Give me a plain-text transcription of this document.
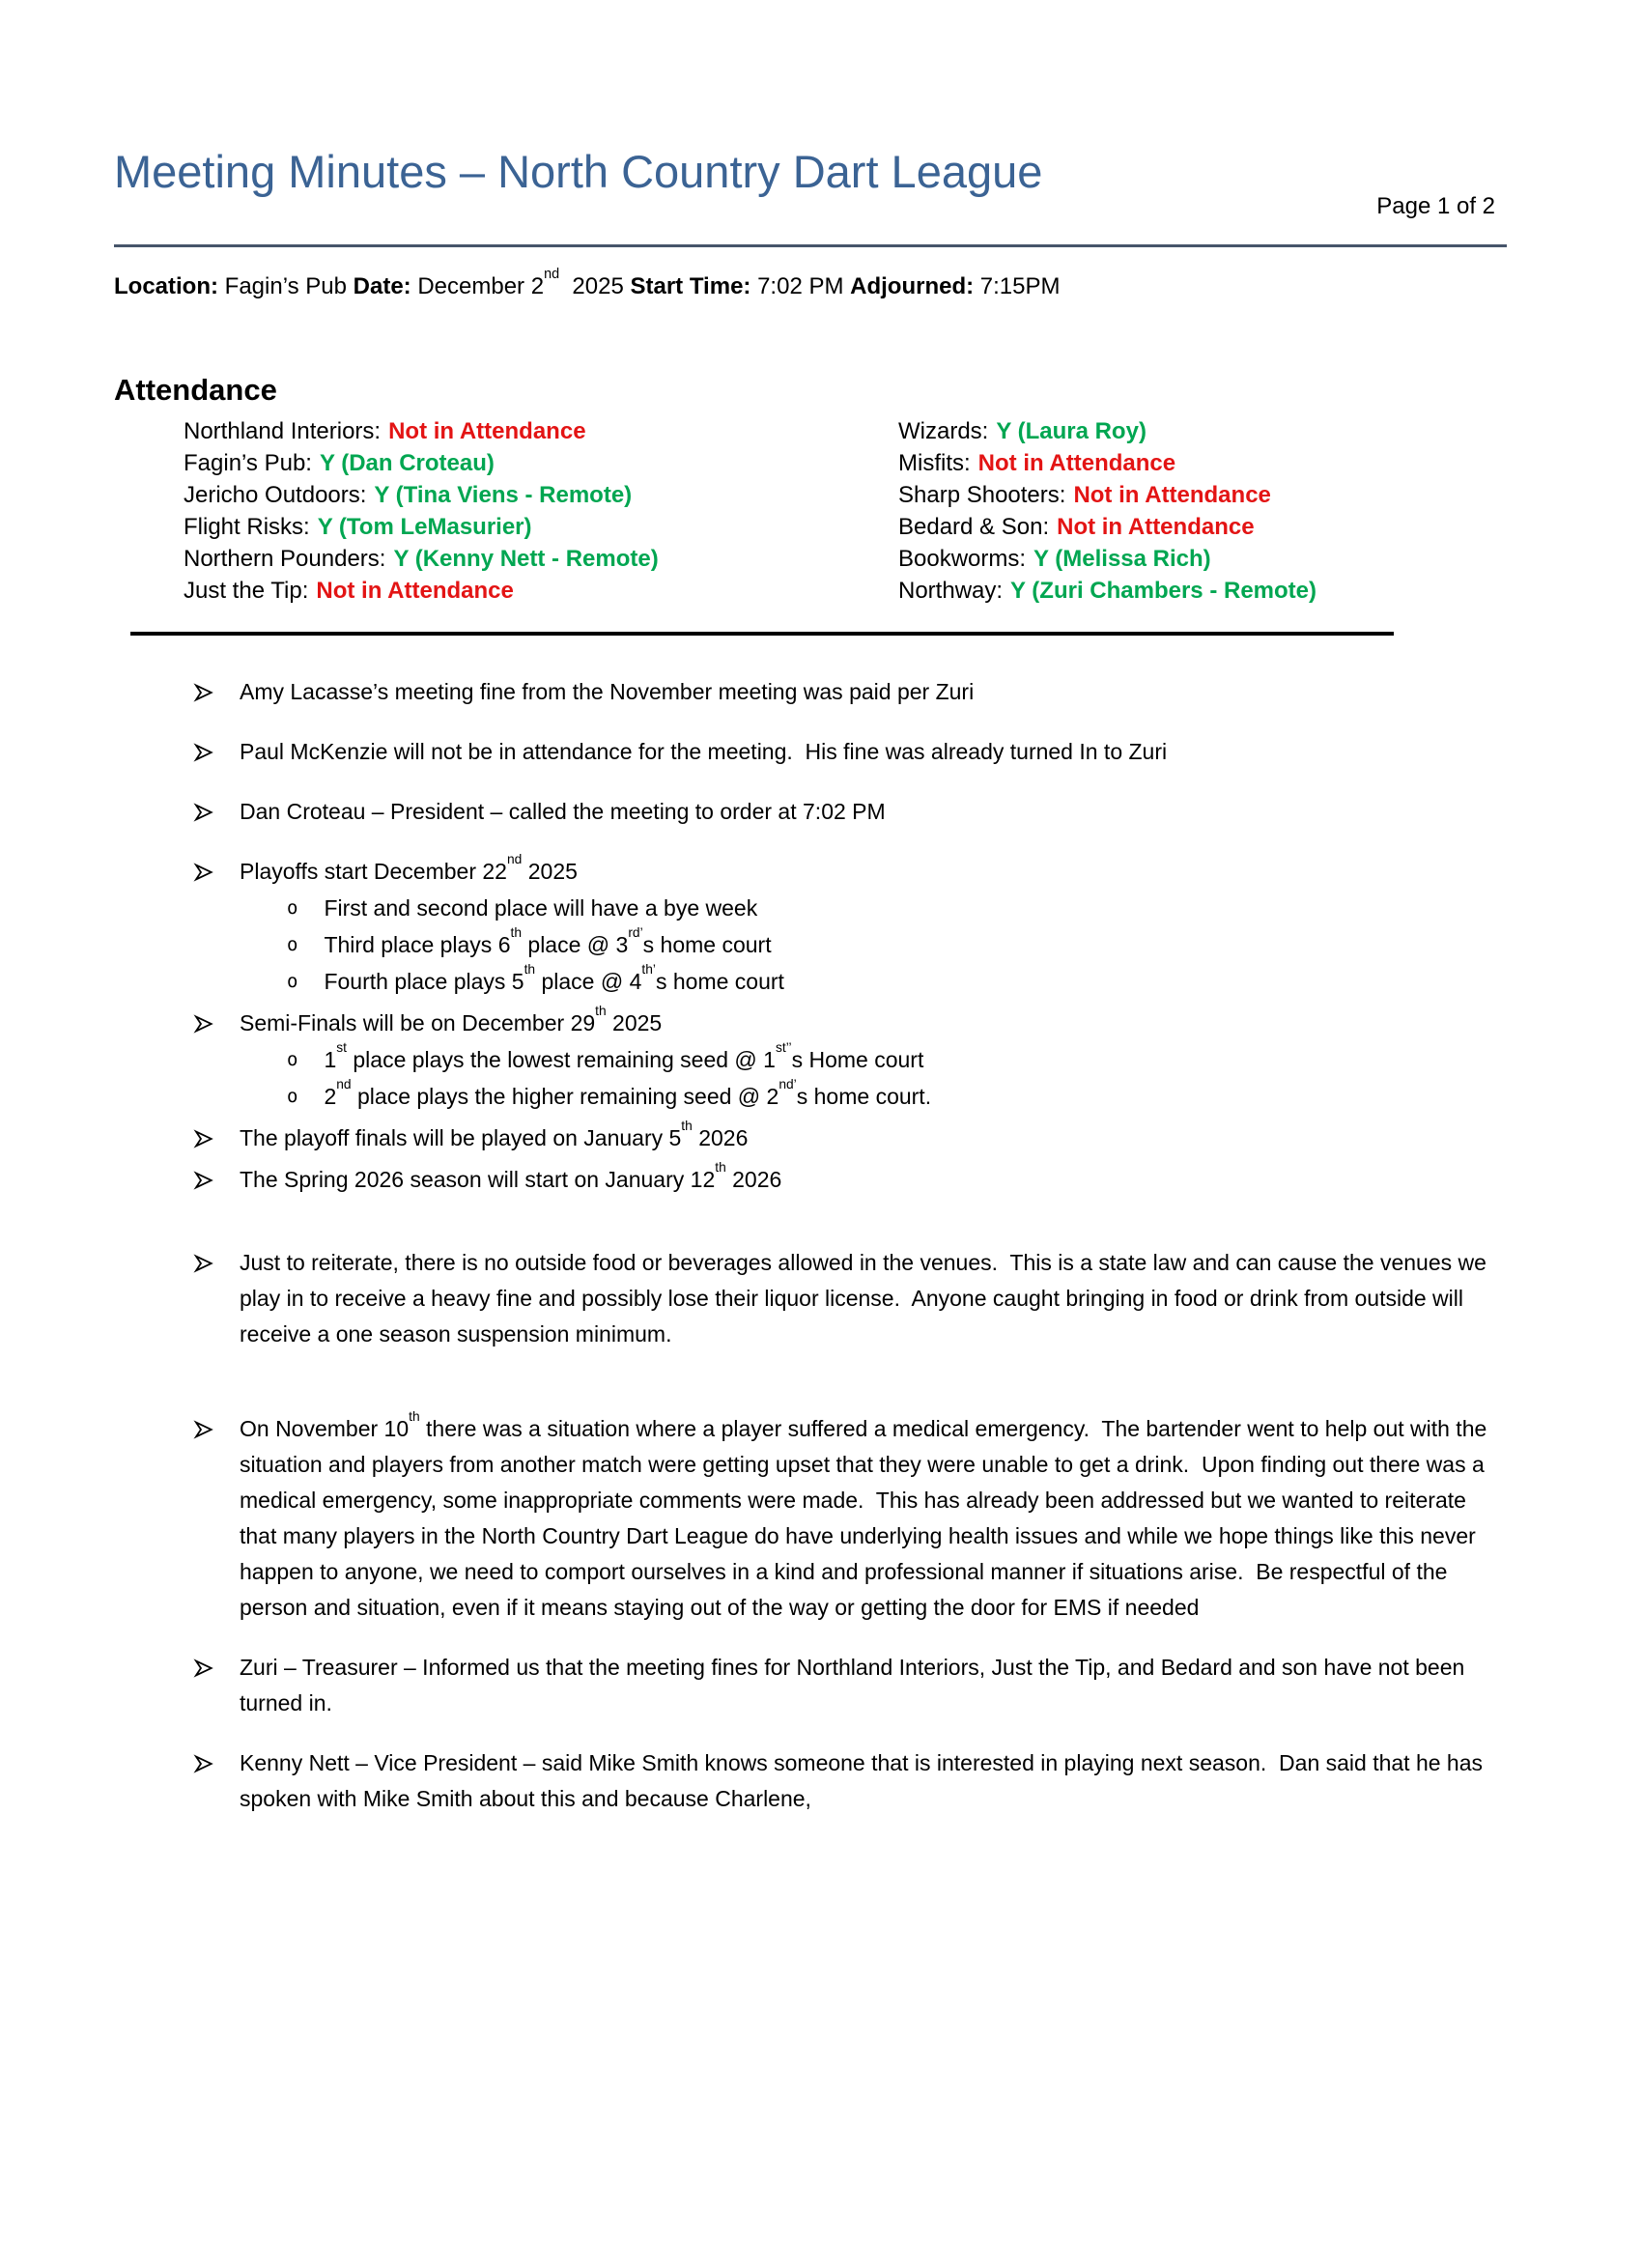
Page 1 of 2
Meeting Minutes – North Country Dart League
Location: Fagin’s Pub Date: December 2nd  2025 Start Time: 7:02 PM Adjourned: 7:15PM
Attendance
Northland Interiors: Not in Attendance
Fagin’s Pub: Y (Dan Croteau)
Jericho Outdoors: Y (Tina Viens - Remote)
Flight Risks: Y (Tom LeMasurier)
Northern Pounders: Y (Kenny Nett - Remote)
Just the Tip: Not in Attendance
Wizards: Y (Laura Roy)
Misfits: Not in Attendance
Sharp Shooters: Not in Attendance
Bedard & Son: Not in Attendance
Bookworms: Y (Melissa Rich)
Northway: Y (Zuri Chambers - Remote)
Amy Lacasse’s meeting fine from the November meeting was paid per Zuri
Paul McKenzie will not be in attendance for the meeting.  His fine was already turned In to Zuri
Dan Croteau – President – called the meeting to order at 7:02 PM
Playoffs start December 22nd 2025
o First and second place will have a bye week
o Third place plays 6th place @ $3^{rd’}s$ home court
o Fourth place plays 5th place @ $4^{th’}s$ home court
Semi-Finals will be on December 29th 2025
o 1st place plays the lowest remaining seed @ $1^{st’’}s$ Home court
o 2nd place plays the higher remaining seed @ $2^{nd’}s$ home court.
The playoff finals will be played on January 5th 2026
The Spring 2026 season will start on January 12th 2026
Just to reiterate, there is no outside food or beverages allowed in the venues.  This is a state law and can cause the venues we play in to receive a heavy fine and possibly lose their liquor license.  Anyone caught bringing in food or drink from outside will receive a one season suspension minimum.
On November 10th there was a situation where a player suffered a medical emergency.  The bartender went to help out with the situation and players from another match were getting upset that they were unable to get a drink.  Upon finding out there was a medical emergency, some inappropriate comments were made.  This has already been addressed but we wanted to reiterate that many players in the North Country Dart League do have underlying health issues and while we hope things like this never happen to anyone, we need to comport ourselves in a kind and professional manner if situations arise.  Be respectful of the person and situation, even if it means staying out of the way or getting the door for EMS if needed
Zuri – Treasurer – Informed us that the meeting fines for Northland Interiors, Just the Tip, and Bedard and son have not been turned in.
Kenny Nett – Vice President – said Mike Smith knows someone that is interested in playing next season.  Dan said that he has spoken with Mike Smith about this and because Charlene,
